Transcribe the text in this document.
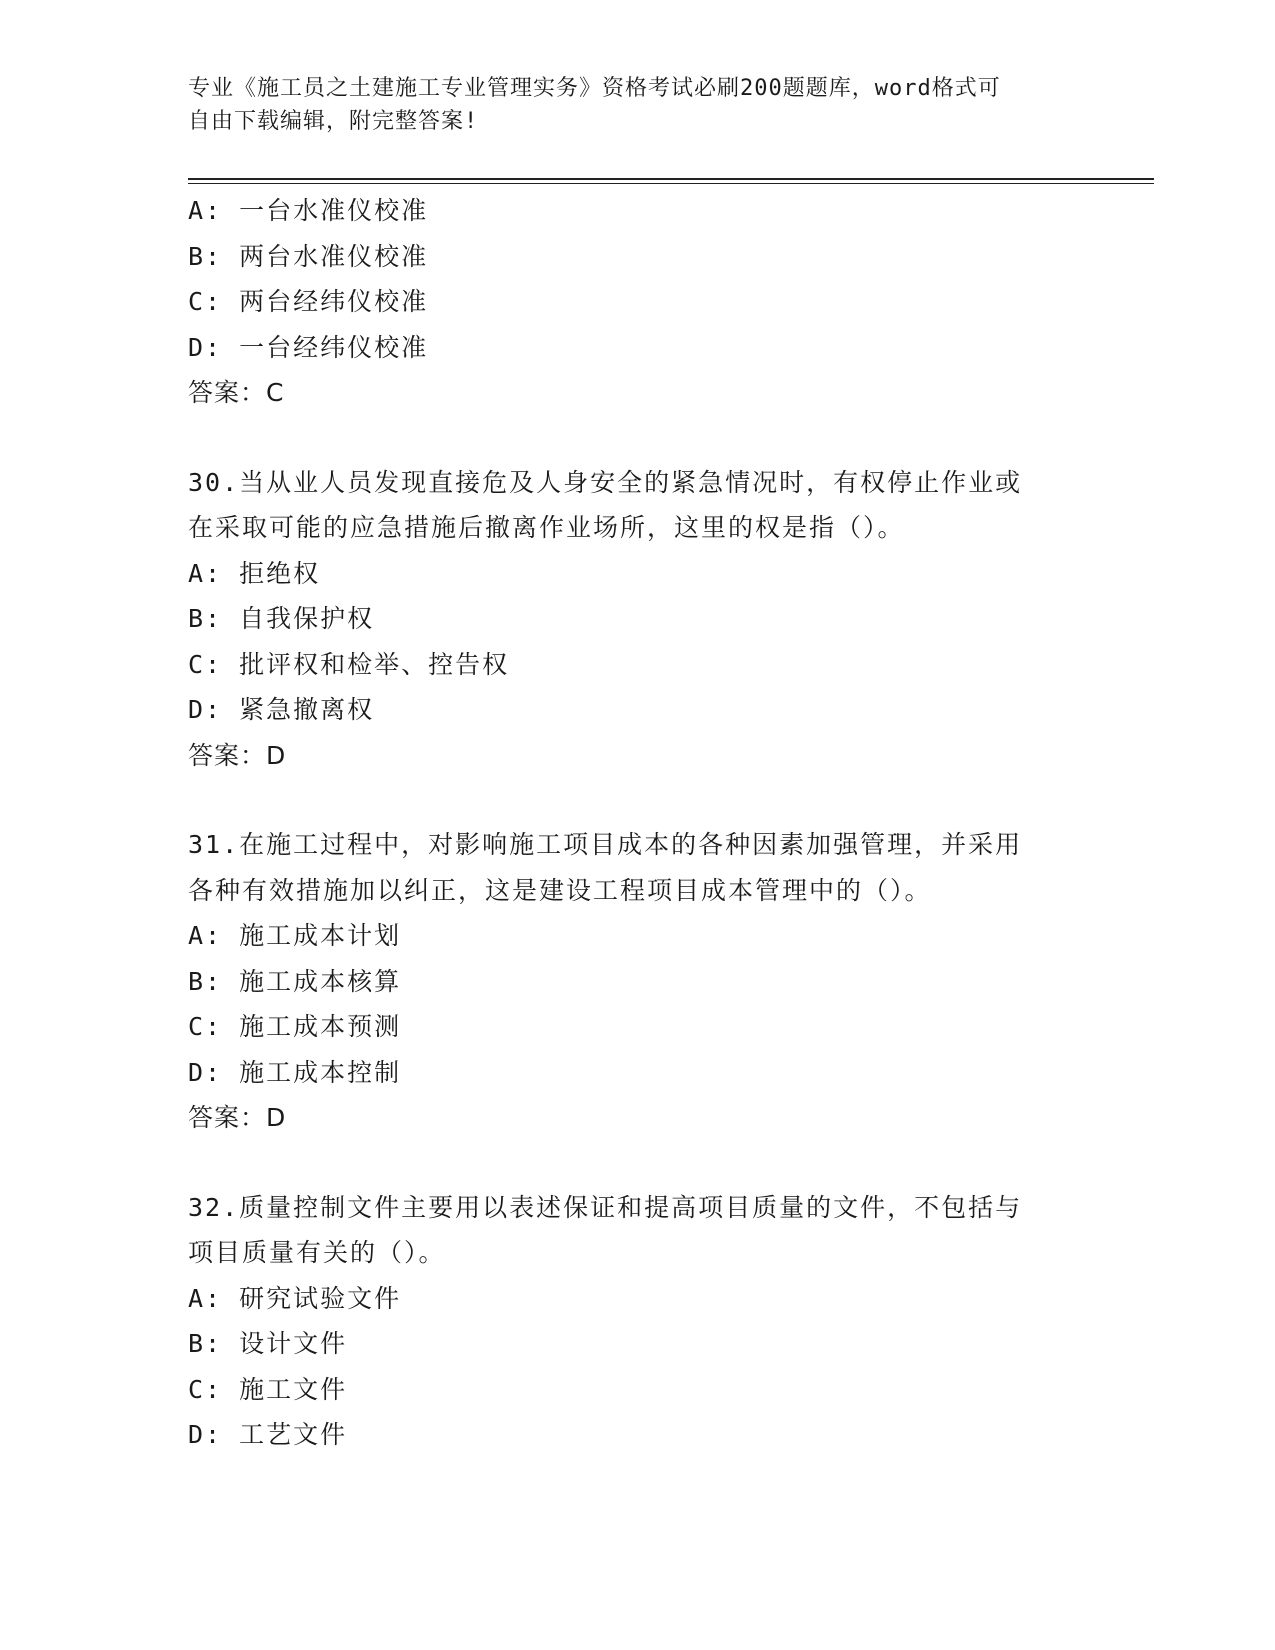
专业《施工员之土建施工专业管理实务》资格考试必刷200题题库，word格式可
自由下载编辑，附完整答案!
A: 一台水准仪校准
B: 两台水准仪校准
C: 两台经纬仪校准
D: 一台经纬仪校准
答案：C
30.当从业人员发现直接危及人身安全的紧急情况时，有权停止作业或
在采取可能的应急措施后撤离作业场所，这里的权是指（）。
A: 拒绝权
B: 自我保护权
C: 批评权和检举、控告权
D: 紧急撤离权
答案：D
31.在施工过程中，对影响施工项目成本的各种因素加强管理，并采用
各种有效措施加以纠正，这是建设工程项目成本管理中的（）。
A: 施工成本计划
B: 施工成本核算
C: 施工成本预测
D: 施工成本控制
答案：D
32.质量控制文件主要用以表述保证和提高项目质量的文件，不包括与
项目质量有关的（）。
A: 研究试验文件
B: 设计文件
C: 施工文件
D: 工艺文件
